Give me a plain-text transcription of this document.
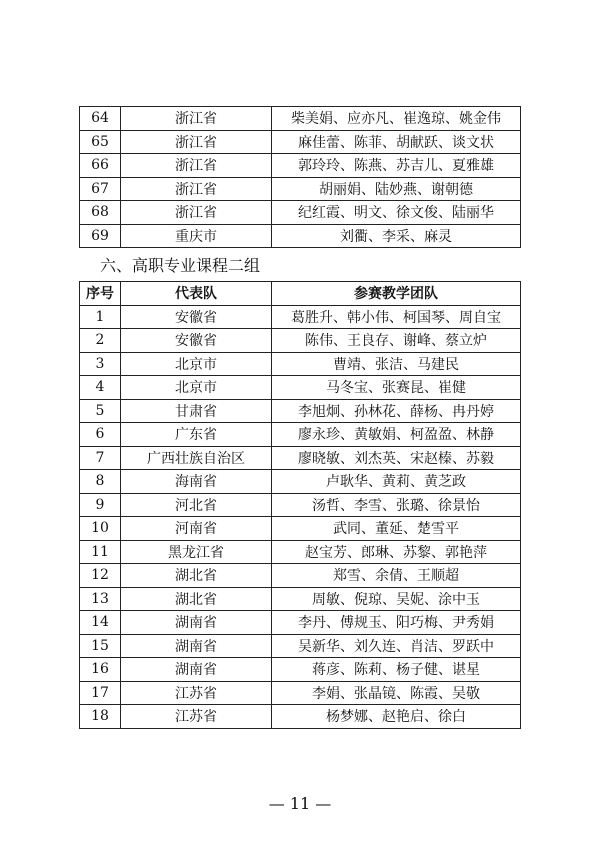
64	浙江省	柴美娟、应亦凡、崔逸琼、姚金伟
65	浙江省	麻佳蕾、陈菲、胡献跃、谈文状
66	浙江省	郭玲玲、陈燕、苏吉儿、夏雅雄
67	浙江省	胡丽娟、陆妙燕、谢朝德
68	浙江省	纪红霞、明文、徐文俊、陆丽华
69	重庆市	刘衢、李采、麻灵
六、高职专业课程二组
序号	代表队	参赛教学团队
1	安徽省	葛胜升、韩小伟、柯国琴、周自宝
2	安徽省	陈伟、王良存、谢峰、蔡立炉
3	北京市	曹靖、张洁、马建民
4	北京市	马冬宝、张赛昆、崔健
5	甘肃省	李旭炯、孙林花、薛杨、冉丹婷
6	广东省	廖永珍、黄敏娟、柯盈盈、林静
7	广西壮族自治区	廖晓敏、刘杰英、宋赵榛、苏毅
8	海南省	卢耿华、黄莉、黄芝政
9	河北省	汤哲、李雪、张璐、徐景怡
10	河南省	武同、董延、楚雪平
11	黑龙江省	赵宝芳、郎琳、苏黎、郭艳萍
12	湖北省	郑雪、余倩、王顺超
13	湖北省	周敏、倪琼、吴妮、涂中玉
14	湖南省	李丹、傅规玉、阳巧梅、尹秀娟
15	湖南省	吴新华、刘久连、肖洁、罗跃中
16	湖南省	蒋彦、陈莉、杨子健、谌星
17	江苏省	李娟、张晶镜、陈霞、吴敬
18	江苏省	杨梦娜、赵艳启、徐白
— 11 —
